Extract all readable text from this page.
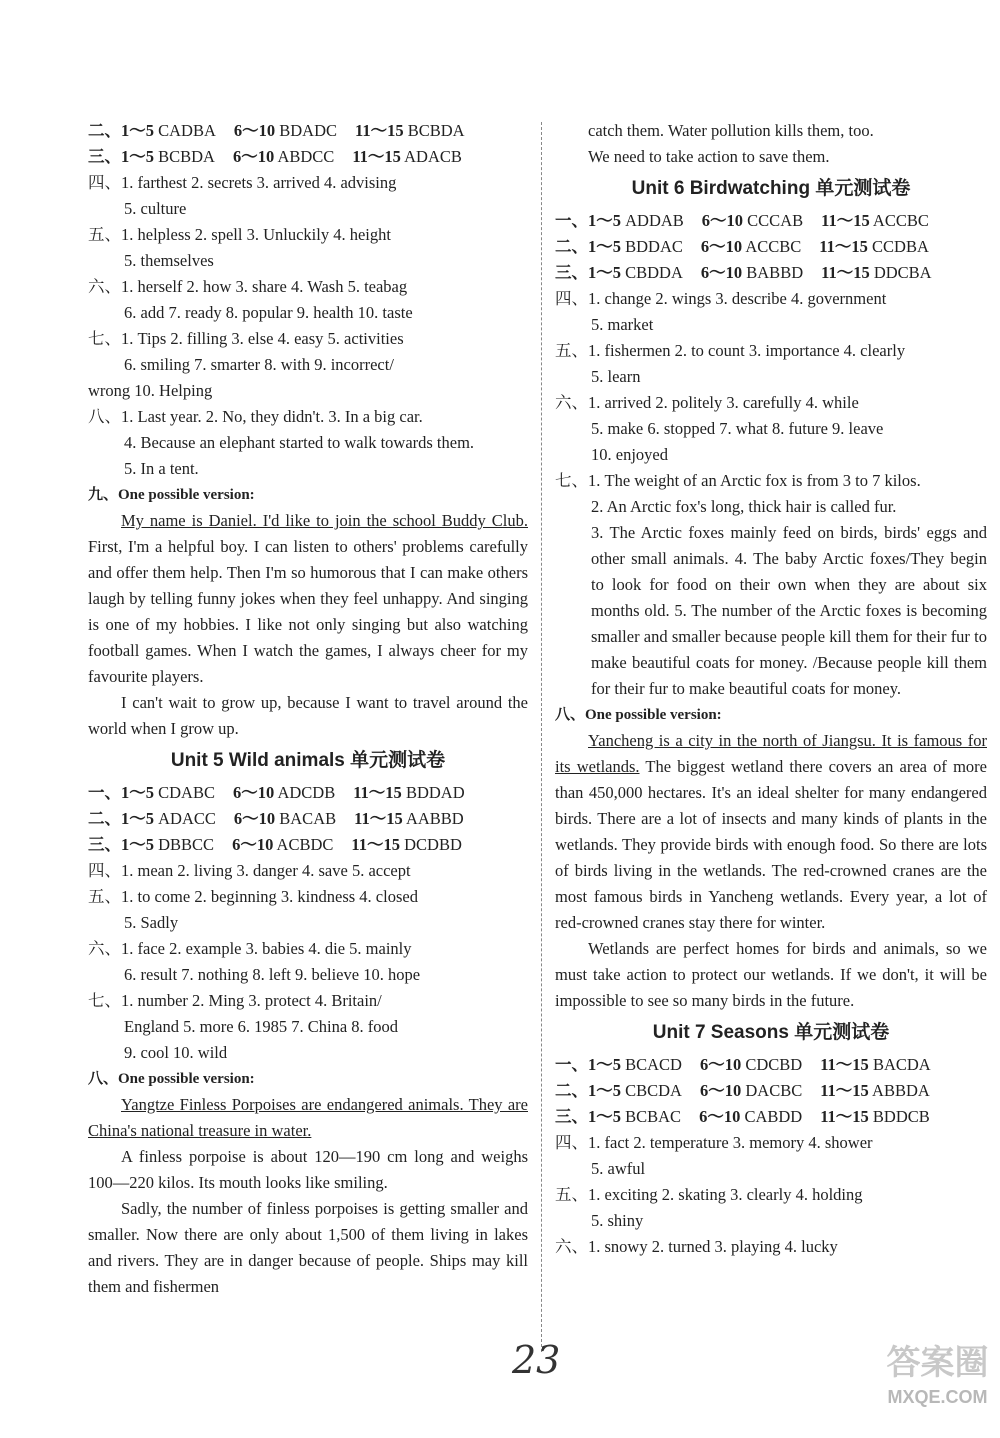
二、1～5 CADBA 6～10 BDADC 11～15 BCBDA
三、1～5 BCBDA 6～10 ABDCC 11～15 ADACB
四、1. farthest 2. secrets 3. arrived 4. advising
5. culture
五、1. helpless 2. spell 3. Unluckily 4. height
5. themselves
六、1. herself 2. how 3. share 4. Wash 5. teabag
6. add 7. ready 8. popular 9. health 10. taste
七、1. Tips 2. filling 3. else 4. easy 5. activities
6. smiling 7. smarter 8. with 9. incorrect/
wrong 10. Helping
八、1. Last year. 2. No, they didn't. 3. In a big car.
4. Because an elephant started to walk towards them.
5. In a tent.
九、One possible version:
My name is Daniel. I'd like to join the school Buddy Club. First, I'm a helpful boy. I can listen to others' problems carefully and offer them help. Then I'm so humorous that I can make others laugh by telling funny jokes when they feel unhappy. And singing is one of my hobbies. I like not only singing but also watching football games. When I watch the games, I always cheer for my favourite players.
I can't wait to grow up, because I want to travel around the world when I grow up.
Unit 5 Wild animals 单元测试卷
一、1～5 CDABC 6～10 ADCDB 11～15 BDDAD
二、1～5 ADACC 6～10 BACAB 11～15 AABBD
三、1～5 DBBCC 6～10 ACBDC 11～15 DCDBD
四、1. mean 2. living 3. danger 4. save 5. accept
五、1. to come 2. beginning 3. kindness 4. closed
5. Sadly
六、1. face 2. example 3. babies 4. die 5. mainly
6. result 7. nothing 8. left 9. believe 10. hope
七、1. number 2. Ming 3. protect 4. Britain/
England 5. more 6. 1985 7. China 8. food
9. cool 10. wild
八、One possible version:
Yangtze Finless Porpoises are endangered animals. They are China's national treasure in water.
A finless porpoise is about 120—190 cm long and weighs 100—220 kilos. Its mouth looks like smiling.
Sadly, the number of finless porpoises is getting smaller and smaller. Now there are only about 1,500 of them living in lakes and rivers. They are in danger because of people. Ships may kill them and fishermen
catch them. Water pollution kills them, too.
We need to take action to save them.
Unit 6 Birdwatching 单元测试卷
一、1～5 ADDAB 6～10 CCCAB 11～15 ACCBC
二、1～5 BDDAC 6～10 ACCBC 11～15 CCDBA
三、1～5 CBDDA 6～10 BABBD 11～15 DDCBA
四、1. change 2. wings 3. describe 4. government
5. market
五、1. fishermen 2. to count 3. importance 4. clearly
5. learn
六、1. arrived 2. politely 3. carefully 4. while
5. make 6. stopped 7. what 8. future 9. leave
10. enjoyed
七、1. The weight of an Arctic fox is from 3 to 7 kilos.
2. An Arctic fox's long, thick hair is called fur.
3. The Arctic foxes mainly feed on birds, birds' eggs and other small animals. 4. The baby Arctic foxes/They begin to look for food on their own when they are about six months old. 5. The number of the Arctic foxes is becoming smaller and smaller because people kill them for their fur to make beautiful coats for money. /Because people kill them for their fur to make beautiful coats for money.
八、One possible version:
Yancheng is a city in the north of Jiangsu. It is famous for its wetlands. The biggest wetland there covers an area of more than 450,000 hectares. It's an ideal shelter for many endangered birds. There are a lot of insects and many kinds of plants in the wetlands. They provide birds with enough food. So there are lots of birds living in the wetlands. The red-crowned cranes are the most famous birds in Yancheng wetlands. Every year, a lot of red-crowned cranes stay there for winter.
Wetlands are perfect homes for birds and animals, so we must take action to protect our wetlands. If we don't, it will be impossible to see so many birds in the future.
Unit 7 Seasons 单元测试卷
一、1～5 BCACD 6～10 CDCBD 11～15 BACDA
二、1～5 CBCDA 6～10 DACBC 11～15 ABBDA
三、1～5 BCBAC 6～10 CABDD 11～15 BDDCB
四、1. fact 2. temperature 3. memory 4. shower
5. awful
五、1. exciting 2. skating 3. clearly 4. holding
5. shiny
六、1. snowy 2. turned 3. playing 4. lucky
23	答案圈
MXQE.COM
